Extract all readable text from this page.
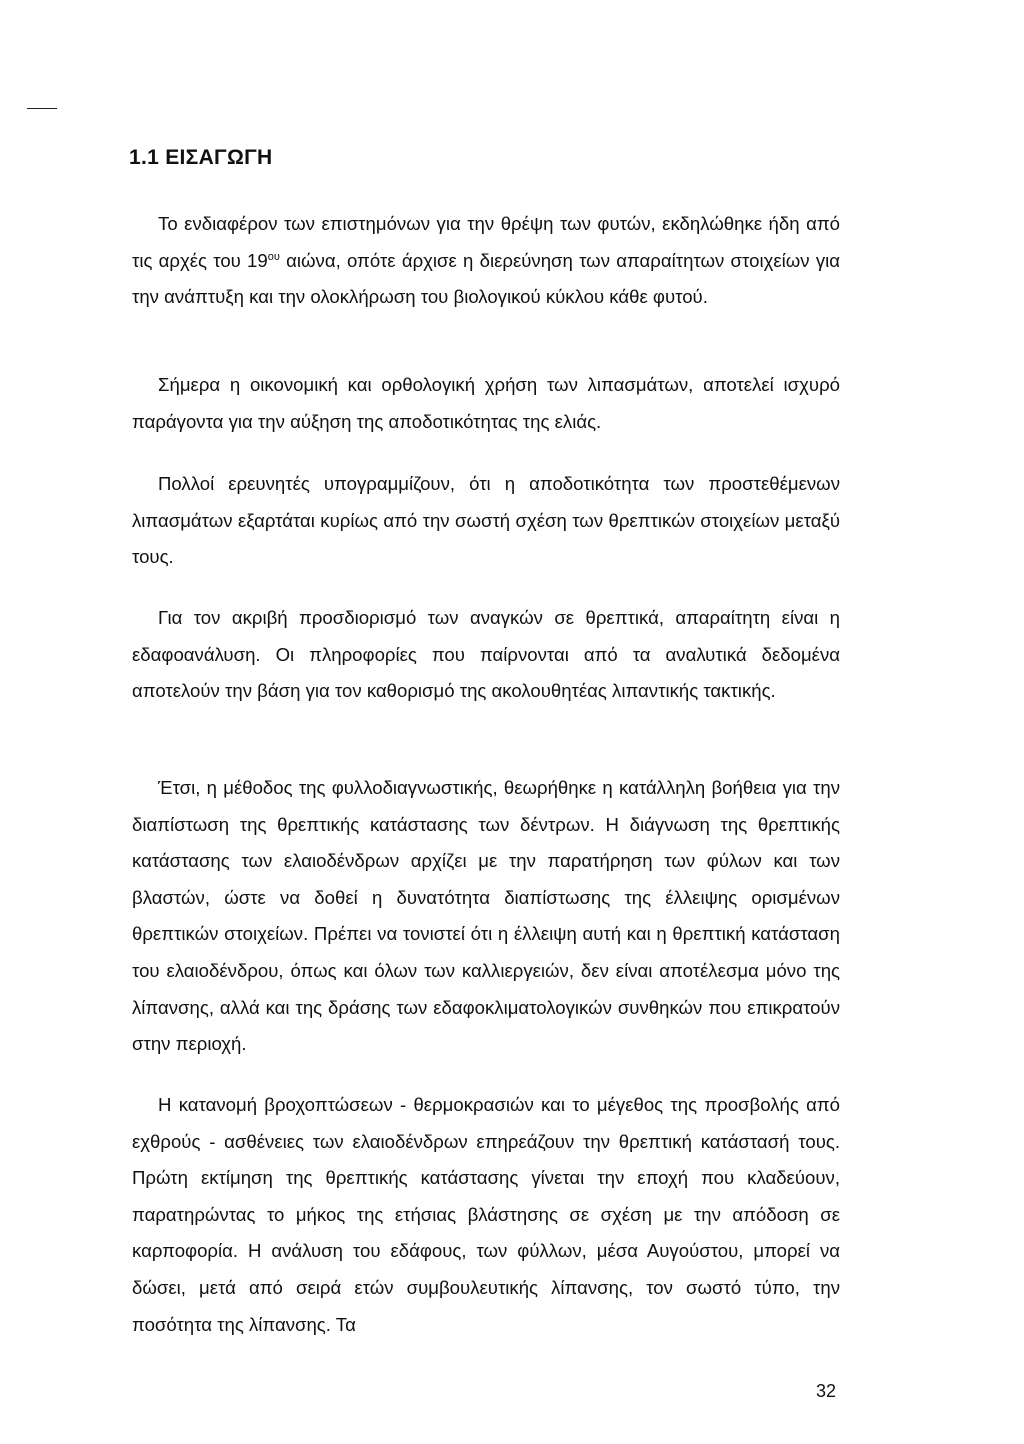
1.1 ΕΙΣΑΓΩΓΗ

Το ενδιαφέρον των επιστημόνων για την θρέψη των φυτών, εκδηλώθηκε ήδη από τις αρχές του $19^{o\upsilon}$ αιώνα, οπότε άρχισε η διερεύνηση των απαραίτητων στοιχείων για την ανάπτυξη και την ολοκλήρωση του βιολογικού κύκλου κάθε φυτού.

Σήμερα η οικονομική και ορθολογική χρήση των λιπασμάτων, αποτελεί ισχυρό παράγοντα για την αύξηση της αποδοτικότητας της ελιάς.

Πολλοί ερευνητές υπογραμμίζουν, ότι η αποδοτικότητα των προστεθέμενων λιπασμάτων εξαρτάται κυρίως από την σωστή σχέση των θρεπτικών στοιχείων μεταξύ τους.

Για τον ακριβή προσδιορισμό των αναγκών σε θρεπτικά, απαραίτητη είναι η εδαφοανάλυση. Οι πληροφορίες που παίρνονται από τα αναλυτικά δεδομένα αποτελούν την βάση για τον καθορισμό της ακολουθητέας λιπαντικής τακτικής.

Έτσι, η μέθοδος της φυλλοδιαγνωστικής, θεωρήθηκε η κατάλληλη βοήθεια για την διαπίστωση της θρεπτικής κατάστασης των δέντρων. Η διάγνωση της θρεπτικής κατάστασης των ελαιοδένδρων αρχίζει με την παρατήρηση των φύλων και των βλαστών, ώστε να δοθεί η δυνατότητα διαπίστωσης της έλλειψης ορισμένων θρεπτικών στοιχείων. Πρέπει να τονιστεί ότι η έλλειψη αυτή και η θρεπτική κατάσταση του ελαιοδένδρου, όπως και όλων των καλλιεργειών, δεν είναι αποτέλεσμα μόνο της λίπανσης, αλλά και της δράσης των εδαφοκλιματολογικών συνθηκών που επικρατούν στην περιοχή.

Η κατανομή βροχοπτώσεων - θερμοκρασιών και το μέγεθος της προσβολής από εχθρούς - ασθένειες των ελαιοδένδρων επηρεάζουν την θρεπτική κατάστασή τους. Πρώτη εκτίμηση της θρεπτικής κατάστασης γίνεται την εποχή που κλαδεύουν, παρατηρώντας το μήκος της ετήσιας βλάστησης σε σχέση με την απόδοση σε καρποφορία. Η ανάλυση του εδάφους, των φύλλων, μέσα Αυγούστου, μπορεί να δώσει, μετά από σειρά ετών συμβουλευτικής λίπανσης, τον σωστό τύπο, την ποσότητα της λίπανσης. Τα

32
